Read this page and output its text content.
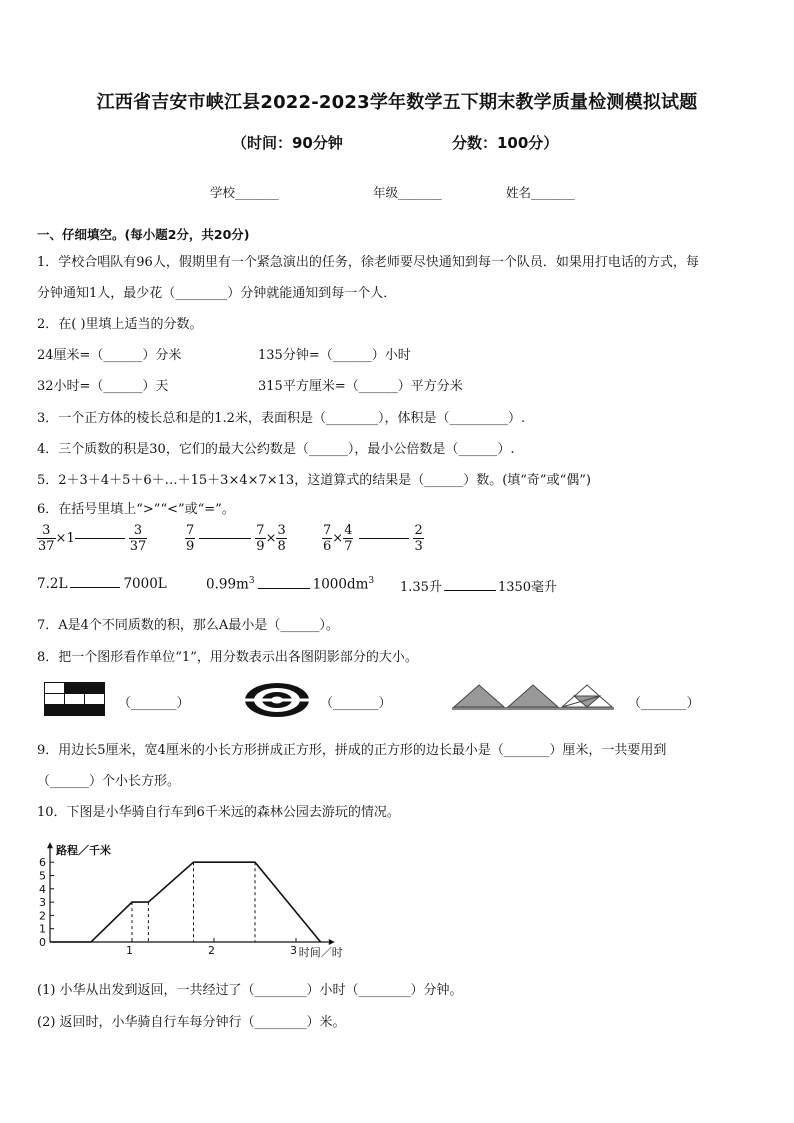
江西省吉安市峡江县2022-2023学年数学五下期末教学质量检测模拟试题
（时间：90分钟	分数：100分）
学校_______	年级_______	姓名_______
一、仔细填空。(每小题2分，共20分)
1．学校合唱队有96人，假期里有一个紧急演出的任务，徐老师要尽快通知到每一个队员．如果用打电话的方式，每
分钟通知1人，最少花（________）分钟就能通知到每一个人．
2．在( )里填上适当的分数。
24厘米=（______）分米	135分钟=（______）小时
32小时=（______）天	315平方厘米=（______）平方分米
3．一个正方体的棱长总和是的1.2米，表面积是（________），体积是（_________）.
4．三个质数的积是30，它们的最大公约数是（______），最小公倍数是（______）.
5．2＋3＋4＋5＋6＋…＋15＋3×4×7×13，这道算式的结果是（______）数。(填“奇”或“偶”)
6．在括号里填上“>”“<”或“=”。
$\frac{3}{37} \times 1$	$\frac{3}{37}$	$\frac{7}{9}$	$\frac{7}{9} \times \frac{3}{8}$	$\frac{7}{6} \times \frac{4}{7}$	$\frac{2}{3}$
7.2L	7000L	$0.99m^3$	$1000dm^3$ 1.35升	1350毫升
7．A是4个不同质数的积，那么A最小是（______）。
8．把一个图形看作单位“1”，用分数表示出各图阴影部分的大小。
（_______）	（_______）	（_______）
9．用边长5厘米，宽4厘米的小长方形拼成正方形，拼成的正方形的边长最小是（_______）厘米，一共要用到
（______）个小长方形。
10．下图是小华骑自行车到6千米远的森林公园去游玩的情况。
0
1
2
3
4
5
6
1	2	3
路程／千米
时间／时
(1) 小华从出发到返回，一共经过了（________）小时（________）分钟。
(2) 返回时，小华骑自行车每分钟行（________）米。
